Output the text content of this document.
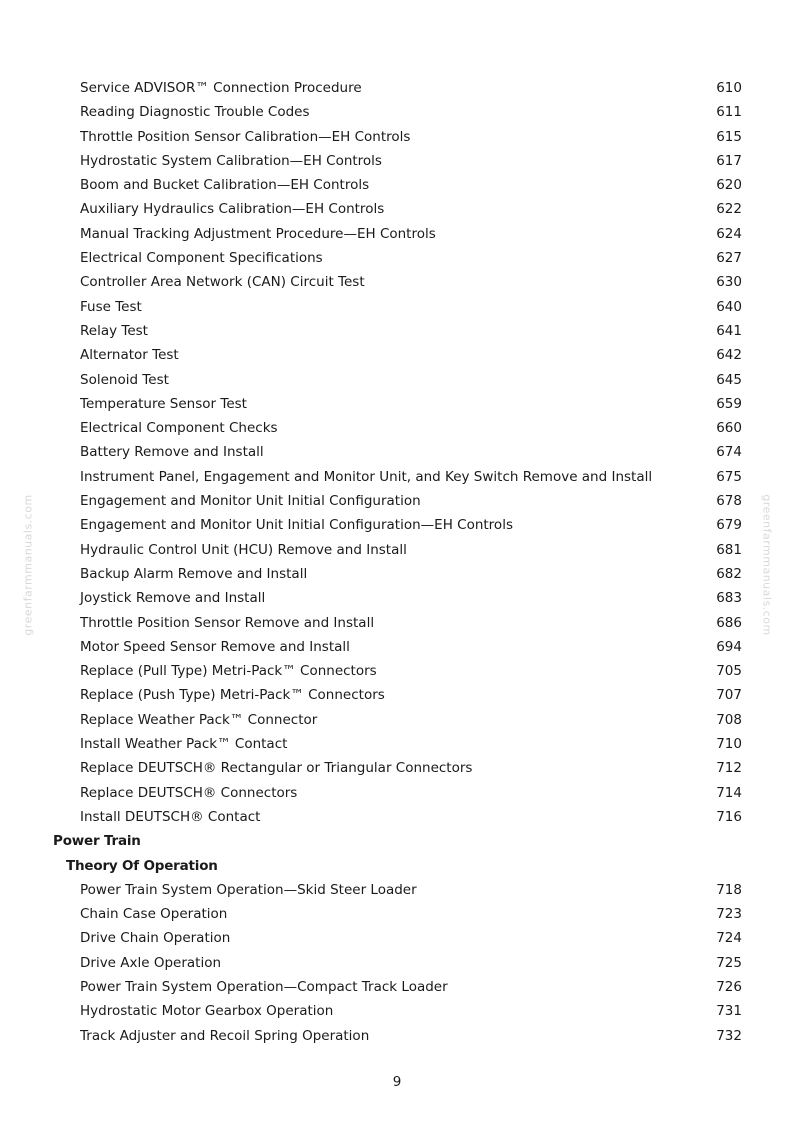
Service ADVISOR™ Connection Procedure	610
Reading Diagnostic Trouble Codes	611
Throttle Position Sensor Calibration—EH Controls	615
Hydrostatic System Calibration—EH Controls	617
Boom and Bucket Calibration—EH Controls	620
Auxiliary Hydraulics Calibration—EH Controls	622
Manual Tracking Adjustment Procedure—EH Controls	624
Electrical Component Specifications	627
Controller Area Network (CAN) Circuit Test	630
Fuse Test	640
Relay Test	641
Alternator Test	642
Solenoid Test	645
Temperature Sensor Test	659
Electrical Component Checks	660
Battery Remove and Install	674
Instrument Panel, Engagement and Monitor Unit, and Key Switch Remove and Install	675
Engagement and Monitor Unit Initial Configuration	678
Engagement and Monitor Unit Initial Configuration—EH Controls	679
Hydraulic Control Unit (HCU) Remove and Install	681
Backup Alarm Remove and Install	682
Joystick Remove and Install	683
Throttle Position Sensor Remove and Install	686
Motor Speed Sensor Remove and Install	694
Replace (Pull Type) Metri-Pack™ Connectors	705
Replace (Push Type) Metri-Pack™ Connectors	707
Replace Weather Pack™ Connector	708
Install Weather Pack™ Contact	710
Replace DEUTSCH® Rectangular or Triangular Connectors	712
Replace DEUTSCH® Connectors	714
Install DEUTSCH® Contact	716
Power Train
Theory Of Operation
Power Train System Operation—Skid Steer Loader	718
Chain Case Operation	723
Drive Chain Operation	724
Drive Axle Operation	725
Power Train System Operation—Compact Track Loader	726
Hydrostatic Motor Gearbox Operation	731
Track Adjuster and Recoil Spring Operation	732
greenfarmmanuals.com	greenfarmmanuals.com
9
